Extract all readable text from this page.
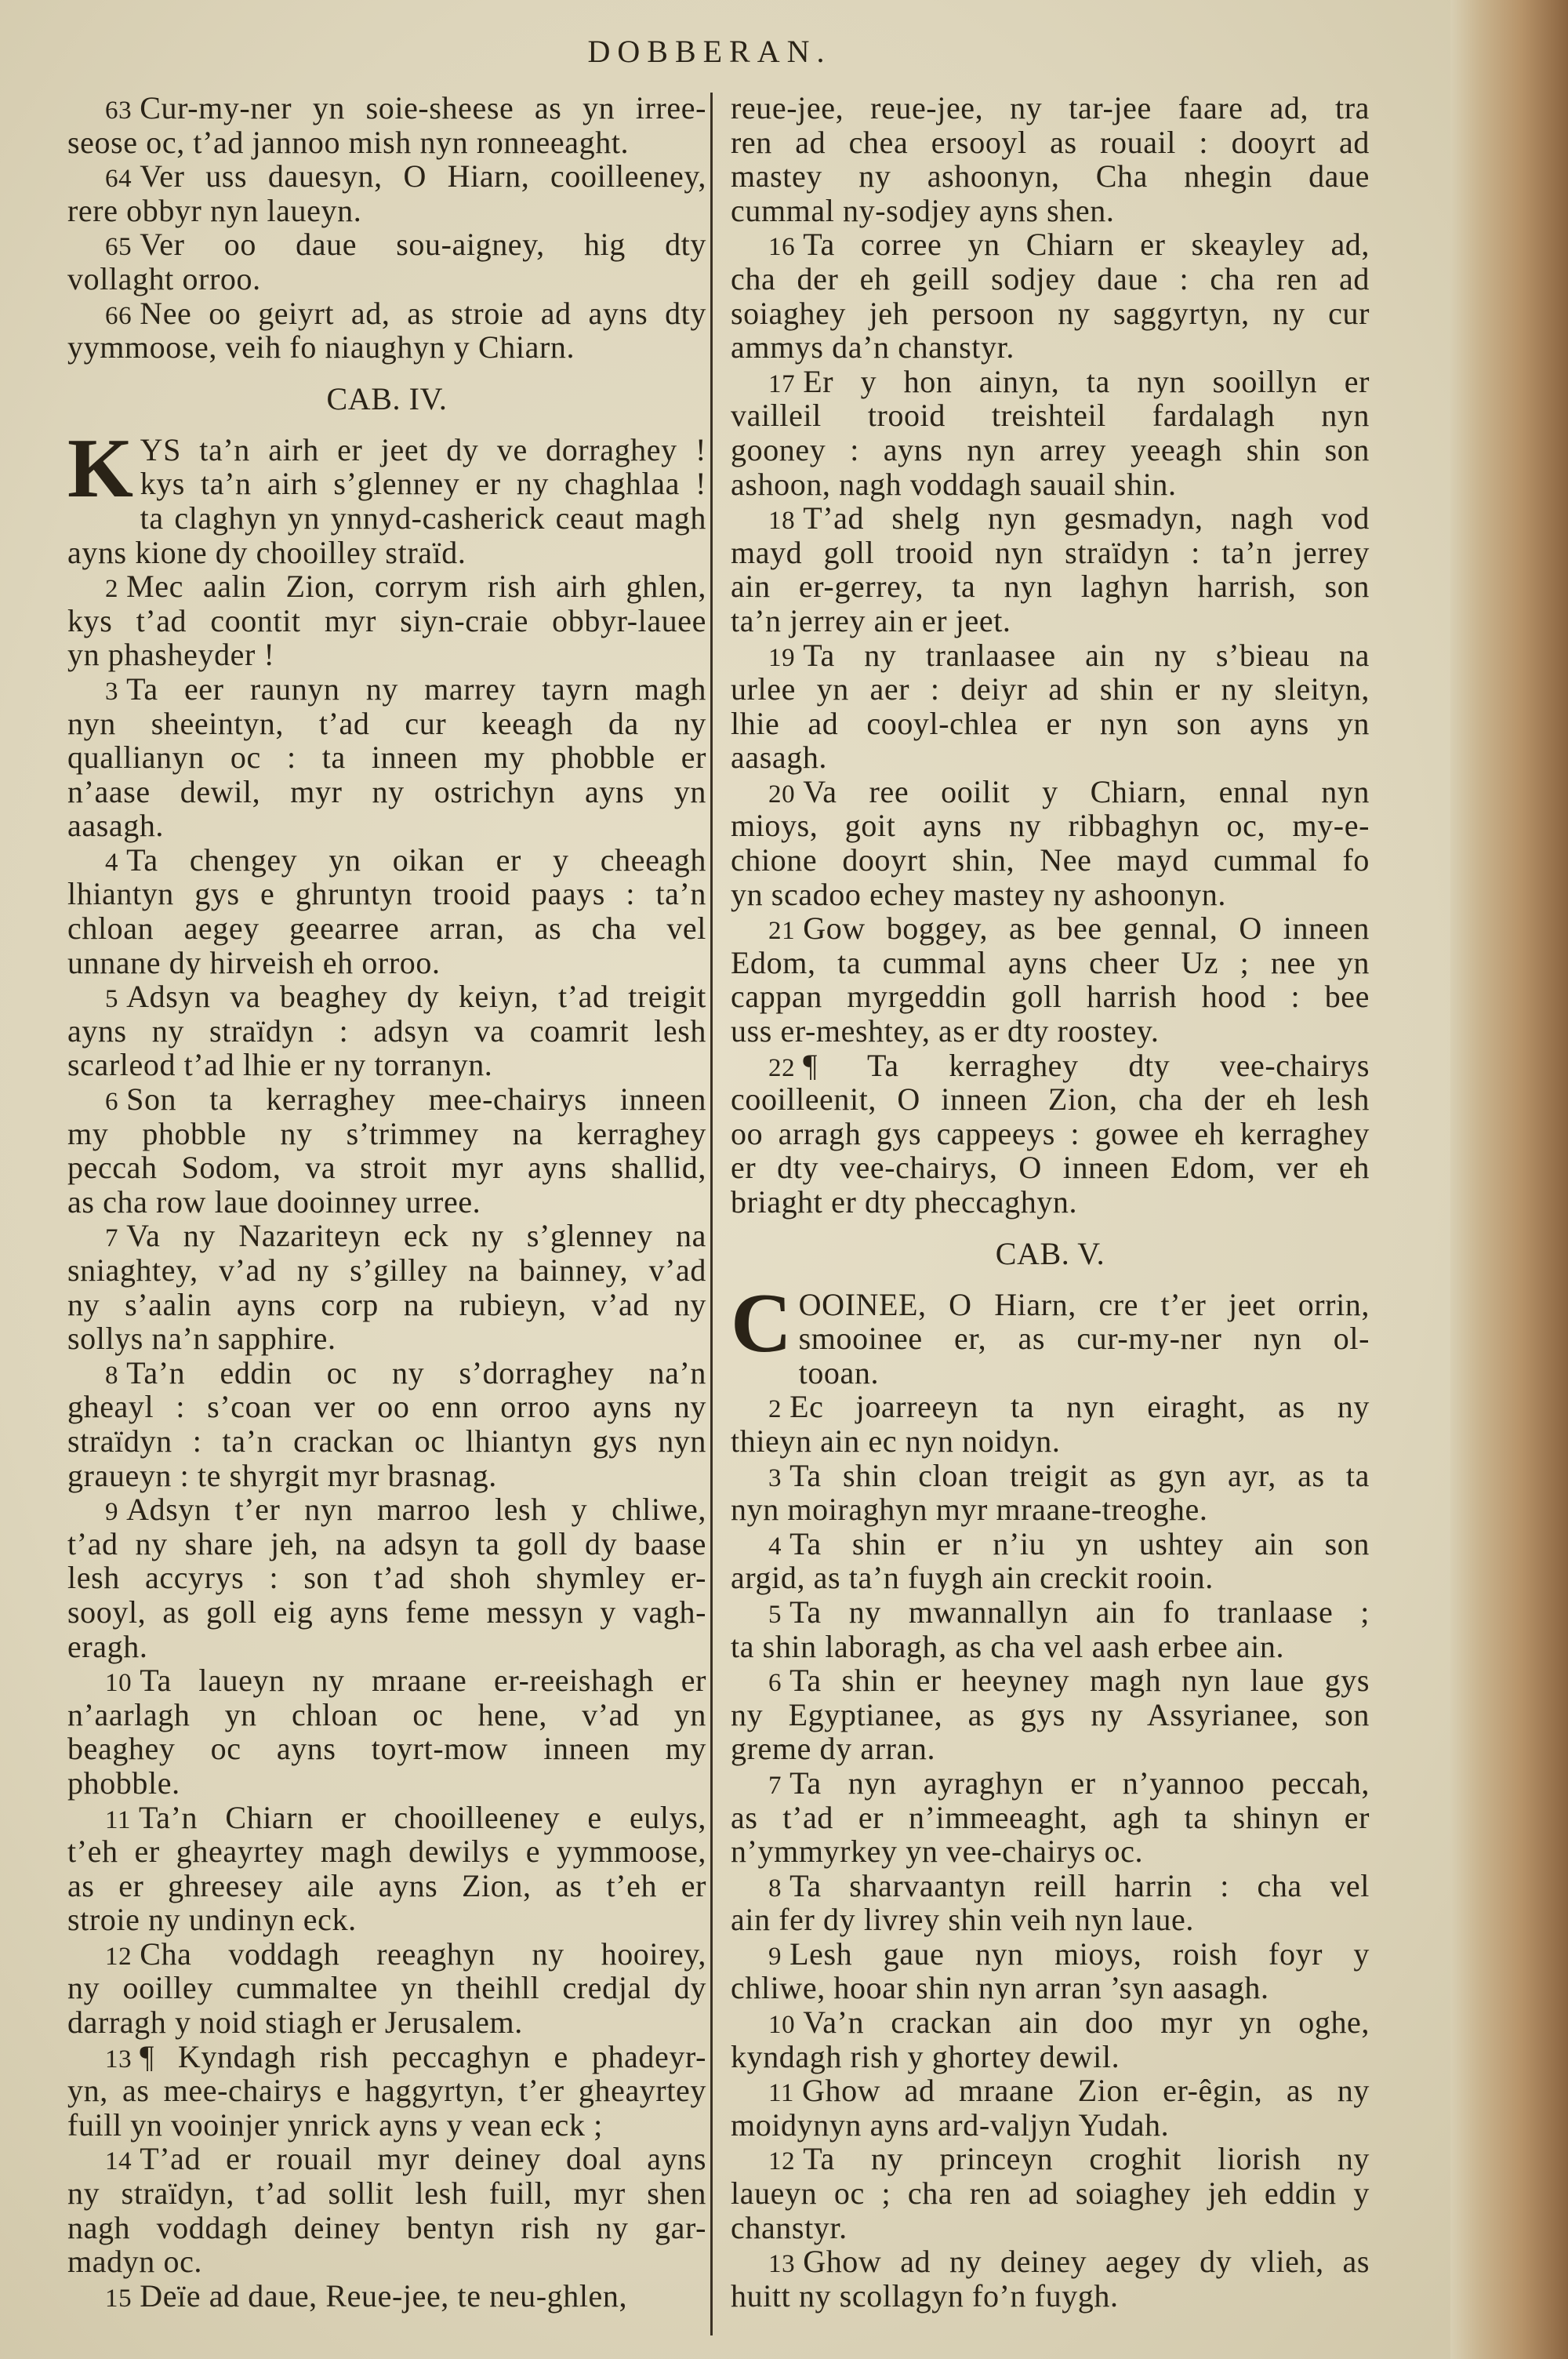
DOBBERAN.
63 Cur-my-ner yn soie-sheese as yn irree-
seose oc, t’ad jannoo mish nyn ronneeaght.
64 Ver uss dauesyn, O Hiarn, cooilleeney,
rere obbyr nyn laueyn.
65 Ver oo daue sou-aigney, hig dty
vollaght orroo.
66 Nee oo geiyrt ad, as stroie ad ayns dty
yymmoose, veih fo niaughyn y Chiarn.
CAB. IV.
K YS ta’n airh er jeet dy ve dorraghey !
kys ta’n airh s’glenney er ny chaghlaa !
ta claghyn yn ynnyd-casherick ceaut magh
ayns kione dy chooilley straïd.
2 Mec aalin Zion, corrym rish airh ghlen,
kys t’ad coontit myr siyn-craie obbyr-lauee
yn phasheyder !
3 Ta eer raunyn ny marrey tayrn magh
nyn sheeintyn, t’ad cur keeagh da ny
quallianyn oc : ta inneen my phobble er
n’aase dewil, myr ny ostrichyn ayns yn
aasagh.
4 Ta chengey yn oikan er y cheeagh
lhiantyn gys e ghruntyn trooid paays : ta’n
chloan aegey geearree arran, as cha vel
unnane dy hirveish eh orroo.
5 Adsyn va beaghey dy keiyn, t’ad treigit
ayns ny straïdyn : adsyn va coamrit lesh
scarleod t’ad lhie er ny torranyn.
6 Son ta kerraghey mee-chairys inneen
my phobble ny s’trimmey na kerraghey
peccah Sodom, va stroit myr ayns shallid,
as cha row laue dooinney urree.
7 Va ny Nazariteyn eck ny s’glenney na
sniaghtey, v’ad ny s’gilley na bainney, v’ad
ny s’aalin ayns corp na rubieyn, v’ad ny
sollys na’n sapphire.
8 Ta’n eddin oc ny s’dorraghey na’n
gheayl : s’coan ver oo enn orroo ayns ny
straïdyn : ta’n crackan oc lhiantyn gys nyn
graueyn : te shyrgit myr brasnag.
9 Adsyn t’er nyn marroo lesh y chliwe,
t’ad ny share jeh, na adsyn ta goll dy baase
lesh accyrys : son t’ad shoh shymley er-
sooyl, as goll eig ayns feme messyn y vagh-
eragh.
10 Ta laueyn ny mraane er-reeishagh er
n’aarlagh yn chloan oc hene, v’ad yn
beaghey oc ayns toyrt-mow inneen my
phobble.
11 Ta’n Chiarn er chooilleeney e eulys,
t’eh er gheayrtey magh dewilys e yymmoose,
as er ghreesey aile ayns Zion, as t’eh er
stroie ny undinyn eck.
12 Cha voddagh reeaghyn ny hooirey,
ny ooilley cummaltee yn theihll credjal dy
darragh y noid stiagh er Jerusalem.
13 ¶ Kyndagh rish peccaghyn e phadeyr-
yn, as mee-chairys e haggyrtyn, t’er gheayrtey
fuill yn vooinjer ynrick ayns y vean eck ;
14 T’ad er rouail myr deiney doal ayns
ny straïdyn, t’ad sollit lesh fuill, myr shen
nagh voddagh deiney bentyn rish ny gar-
madyn oc.
15 Deïe ad daue, Reue-jee, te neu-ghlen,
reue-jee, reue-jee, ny tar-jee faare ad, tra
ren ad chea ersooyl as rouail : dooyrt ad
mastey ny ashoonyn, Cha nhegin daue
cummal ny-sodjey ayns shen.
16 Ta corree yn Chiarn er skeayley ad,
cha der eh geill sodjey daue : cha ren ad
soiaghey jeh persoon ny saggyrtyn, ny cur
ammys da’n chanstyr.
17 Er y hon ainyn, ta nyn sooillyn er
vailleil trooid treishteil fardalagh nyn
gooney : ayns nyn arrey yeeagh shin son
ashoon, nagh voddagh sauail shin.
18 T’ad shelg nyn gesmadyn, nagh vod
mayd goll trooid nyn straïdyn : ta’n jerrey
ain er-gerrey, ta nyn laghyn harrish, son
ta’n jerrey ain er jeet.
19 Ta ny tranlaasee ain ny s’bieau na
urlee yn aer : deiyr ad shin er ny sleityn,
lhie ad cooyl-chlea er nyn son ayns yn
aasagh.
20 Va ree ooilit y Chiarn, ennal nyn
mioys, goit ayns ny ribbaghyn oc, my-e-
chione dooyrt shin, Nee mayd cummal fo
yn scadoo echey mastey ny ashoonyn.
21 Gow boggey, as bee gennal, O inneen
Edom, ta cummal ayns cheer Uz ; nee yn
cappan myrgeddin goll harrish hood : bee
uss er-meshtey, as er dty roostey.
22 ¶ Ta kerraghey dty vee-chairys
cooilleenit, O inneen Zion, cha der eh lesh
oo arragh gys cappeeys : gowee eh kerraghey
er dty vee-chairys, O inneen Edom, ver eh
briaght er dty pheccaghyn.
CAB. V.
C OOINEE, O Hiarn, cre t’er jeet orrin,
smooinee er, as cur-my-ner nyn ol-
tooan.
2 Ec joarreeyn ta nyn eiraght, as ny
thieyn ain ec nyn noidyn.
3 Ta shin cloan treigit as gyn ayr, as ta
nyn moiraghyn myr mraane-treoghe.
4 Ta shin er n’iu yn ushtey ain son
argid, as ta’n fuygh ain creckit rooin.
5 Ta ny mwannallyn ain fo tranlaase ;
ta shin laboragh, as cha vel aash erbee ain.
6 Ta shin er heeyney magh nyn laue gys
ny Egyptianee, as gys ny Assyrianee, son
greme dy arran.
7 Ta nyn ayraghyn er n’yannoo peccah,
as t’ad er n’immeeaght, agh ta shinyn er
n’ymmyrkey yn vee-chairys oc.
8 Ta sharvaantyn reill harrin : cha vel
ain fer dy livrey shin veih nyn laue.
9 Lesh gaue nyn mioys, roish foyr y
chliwe, hooar shin nyn arran ’syn aasagh.
10 Va’n crackan ain doo myr yn oghe,
kyndagh rish y ghortey dewil.
11 Ghow ad mraane Zion er-êgin, as ny
moidynyn ayns ard-valjyn Yudah.
12 Ta ny princeyn croghit liorish ny
laueyn oc ; cha ren ad soiaghey jeh eddin y
chanstyr.
13 Ghow ad ny deiney aegey dy vlieh, as
huitt ny scollagyn fo’n fuygh.
